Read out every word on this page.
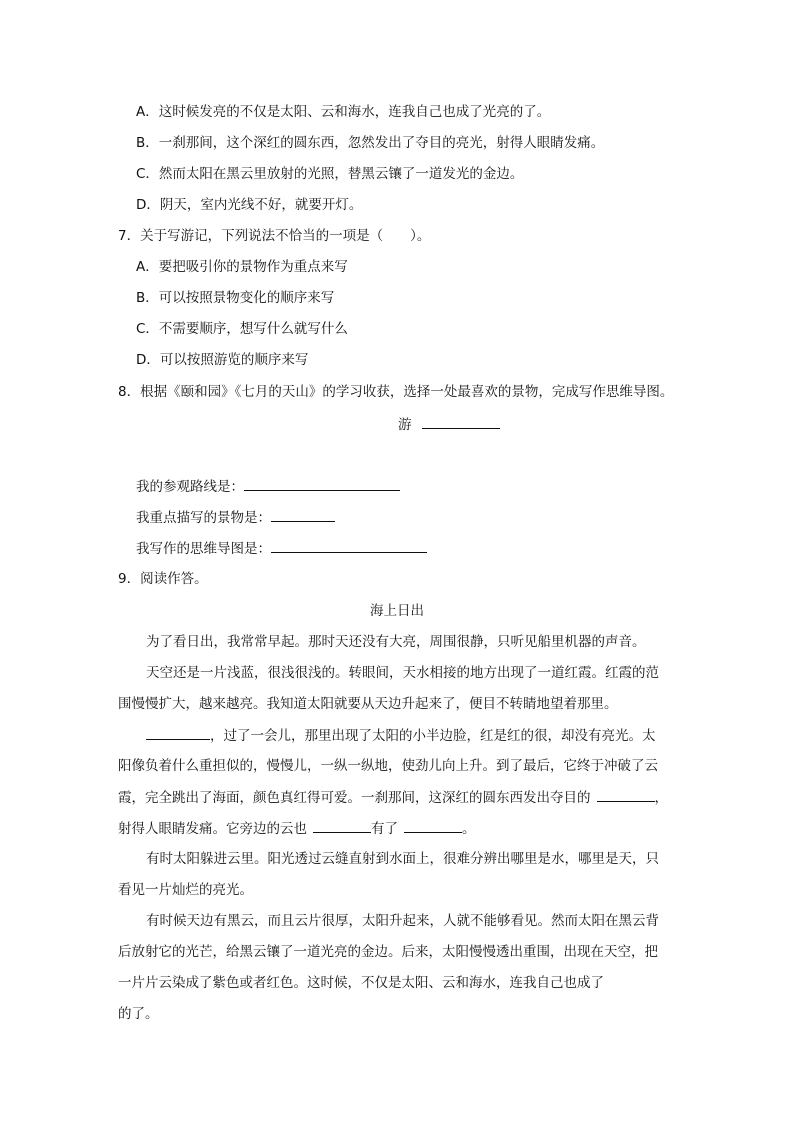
A．这时候发亮的不仅是太阳、云和海水，连我自己也成了光亮的了。
B．一刹那间，这个深红的圆东西，忽然发出了夺目的亮光，射得人眼睛发痛。
C．然而太阳在黑云里放射的光照，替黑云镶了一道发光的金边。
D．阴天，室内光线不好，就要开灯。
7．关于写游记，下列说法不恰当的一项是（　　）。
A．要把吸引你的景物作为重点来写
B．可以按照景物变化的顺序来写
C．不需要顺序，想写什么就写什么
D．可以按照游览的顺序来写
8．根据《颐和园》《七月的天山》的学习收获，选择一处最喜欢的景物，完成写作思维导图。
游
我的参观路线是：
我重点描写的景物是：
我写作的思维导图是：
9．阅读作答。
海上日出
为了看日出，我常常早起。那时天还没有大亮，周围很静，只听见船里机器的声音。
天空还是一片浅蓝，很浅很浅的。转眼间，天水相接的地方出现了一道红霞。红霞的范
围慢慢扩大，越来越亮。我知道太阳就要从天边升起来了，便目不转睛地望着那里。
，过了一会儿，那里出现了太阳的小半边脸，红是红的很，却没有亮光。太
阳像负着什么重担似的，慢慢儿，一纵一纵地，使劲儿向上升。到了最后，它终于冲破了云
霞，完全跳出了海面，颜色真红得可爱。一刹那间，这深红的圆东西发出夺目的	，
射得人眼睛发痛。它旁边的云也	有了	。
有时太阳躲进云里。阳光透过云缝直射到水面上，很难分辨出哪里是水，哪里是天，只
看见一片灿烂的亮光。
有时候天边有黑云，而且云片很厚，太阳升起来，人就不能够看见。然而太阳在黑云背
后放射它的光芒，给黑云镶了一道光亮的金边。后来，太阳慢慢透出重围，出现在天空，把
一片片云染成了紫色或者红色。这时候，不仅是太阳、云和海水，连我自己也成了
的了。
